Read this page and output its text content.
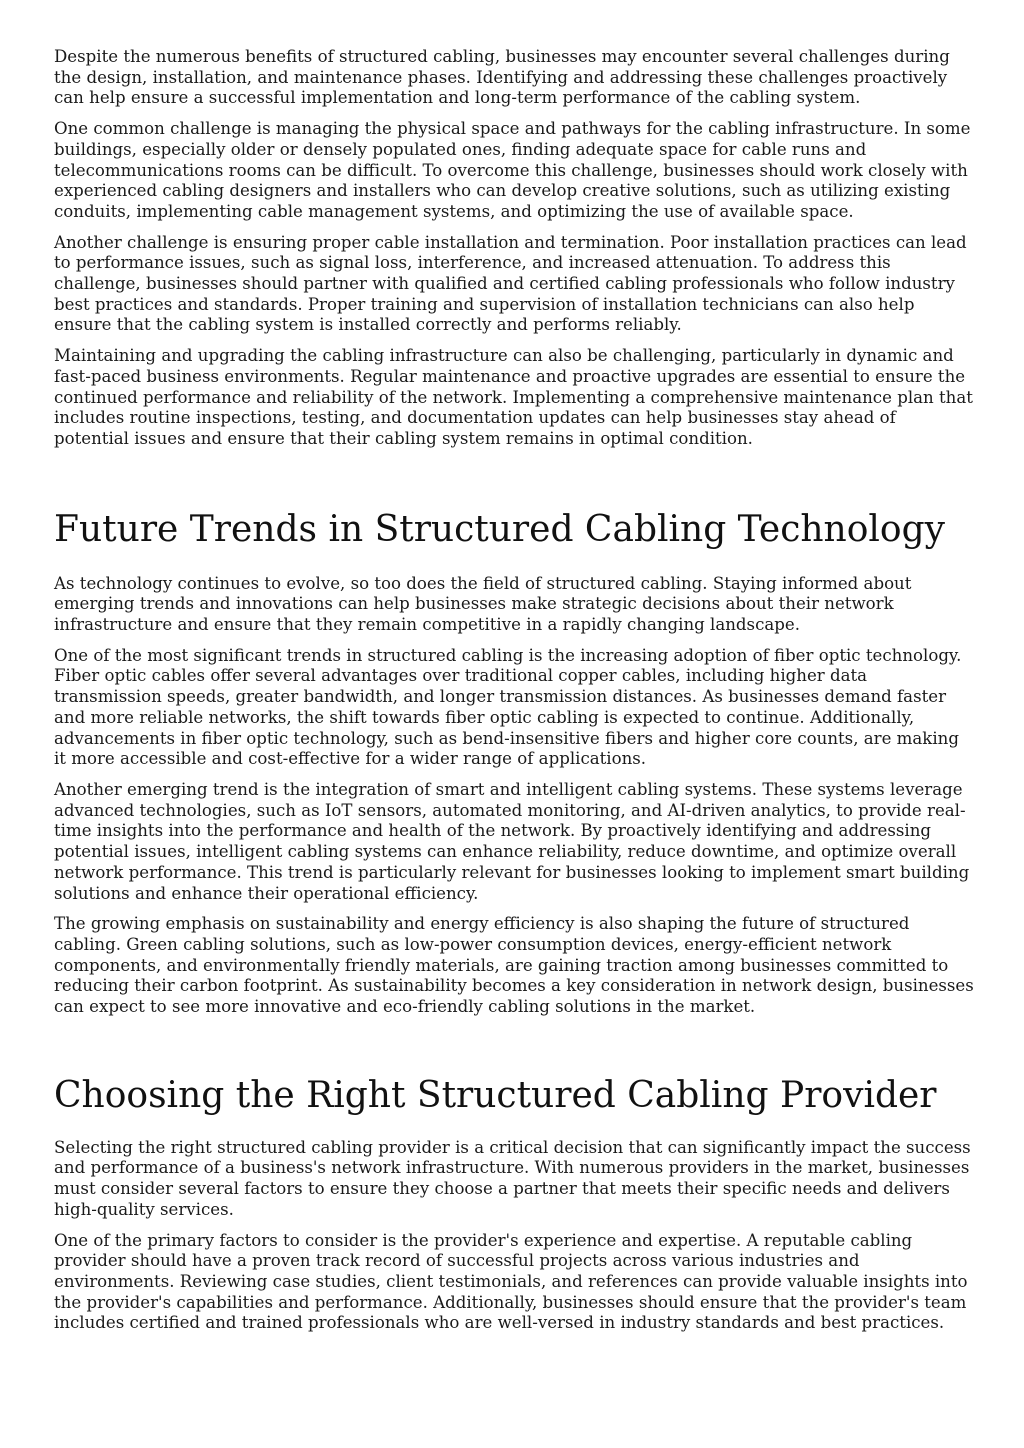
Despite the numerous benefits of structured cabling, businesses may encounter several challenges during the design, installation, and maintenance phases. Identifying and addressing these challenges proactively can help ensure a successful implementation and long-term performance of the cabling system.

One common challenge is managing the physical space and pathways for the cabling infrastructure. In some buildings, especially older or densely populated ones, finding adequate space for cable runs and telecommunications rooms can be difficult. To overcome this challenge, businesses should work closely with experienced cabling designers and installers who can develop creative solutions, such as utilizing existing conduits, implementing cable management systems, and optimizing the use of available space.

Another challenge is ensuring proper cable installation and termination. Poor installation practices can lead to performance issues, such as signal loss, interference, and increased attenuation. To address this challenge, businesses should partner with qualified and certified cabling professionals who follow industry best practices and standards. Proper training and supervision of installation technicians can also help ensure that the cabling system is installed correctly and performs reliably.

Maintaining and upgrading the cabling infrastructure can also be challenging, particularly in dynamic and fast-paced business environments. Regular maintenance and proactive upgrades are essential to ensure the continued performance and reliability of the network. Implementing a comprehensive maintenance plan that includes routine inspections, testing, and documentation updates can help businesses stay ahead of potential issues and ensure that their cabling system remains in optimal condition.

Future Trends in Structured Cabling Technology

As technology continues to evolve, so too does the field of structured cabling. Staying informed about emerging trends and innovations can help businesses make strategic decisions about their network infrastructure and ensure that they remain competitive in a rapidly changing landscape.

One of the most significant trends in structured cabling is the increasing adoption of fiber optic technology. Fiber optic cables offer several advantages over traditional copper cables, including higher data transmission speeds, greater bandwidth, and longer transmission distances. As businesses demand faster and more reliable networks, the shift towards fiber optic cabling is expected to continue. Additionally, advancements in fiber optic technology, such as bend-insensitive fibers and higher core counts, are making it more accessible and cost-effective for a wider range of applications.

Another emerging trend is the integration of smart and intelligent cabling systems. These systems leverage advanced technologies, such as IoT sensors, automated monitoring, and AI-driven analytics, to provide real-time insights into the performance and health of the network. By proactively identifying and addressing potential issues, intelligent cabling systems can enhance reliability, reduce downtime, and optimize overall network performance. This trend is particularly relevant for businesses looking to implement smart building solutions and enhance their operational efficiency.

The growing emphasis on sustainability and energy efficiency is also shaping the future of structured cabling. Green cabling solutions, such as low-power consumption devices, energy-efficient network components, and environmentally friendly materials, are gaining traction among businesses committed to reducing their carbon footprint. As sustainability becomes a key consideration in network design, businesses can expect to see more innovative and eco-friendly cabling solutions in the market.

Choosing the Right Structured Cabling Provider

Selecting the right structured cabling provider is a critical decision that can significantly impact the success and performance of a business's network infrastructure. With numerous providers in the market, businesses must consider several factors to ensure they choose a partner that meets their specific needs and delivers high-quality services.

One of the primary factors to consider is the provider's experience and expertise. A reputable cabling provider should have a proven track record of successful projects across various industries and environments. Reviewing case studies, client testimonials, and references can provide valuable insights into the provider's capabilities and performance. Additionally, businesses should ensure that the provider's team includes certified and trained professionals who are well-versed in industry standards and best practices.
